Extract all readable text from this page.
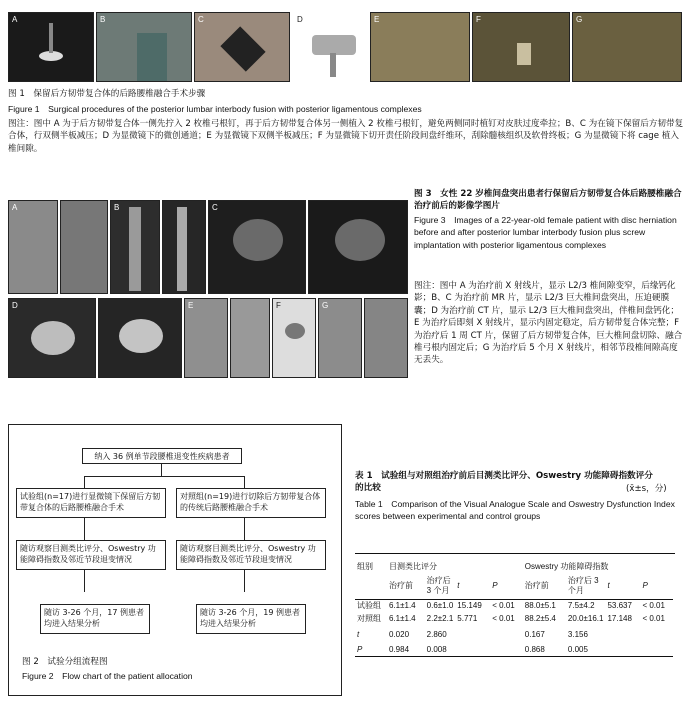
A	B	C	D	E	F	G
图 1　保留后方韧带复合体的后路腰椎融合手术步骤
Figure 1　Surgical procedures of the posterior lumbar interbody fusion with posterior ligamentous complexes
图注：图中 A 为于后方韧带复合体一侧先拧入 2 枚椎弓根钉，再于后方韧带复合体另一侧植入 2 枚椎弓根钉，避免两侧同时植钉对皮肤过度牵拉；B、C 为在镜下保留后方韧带复合体，行双侧半板减压；D 为显微镜下的微创通道；E 为显微镜下双侧半板减压；F 为显微镜下切开责任阶段间盘纤维环，刮除髓核组织及软骨终板；G 为显微镜下将 cage 植入椎间隙。
A	B	C
D	E	F	G
图 3　女性 22 岁椎间盘突出患者行保留后方韧带复合体后路腰椎融合治疗前后的影像学图片
Figure 3　Images of a 22-year-old female patient with disc herniation before and after posterior lumbar interbody fusion plus screw implantation with posterior ligamentous complexes
图注：图中 A 为治疗前 X 射线片，显示 L2/3 椎间隙变窄，后缘钙化影；B、C 为治疗前 MR 片，显示 L2/3 巨大椎间盘突出，压迫硬膜囊；D 为治疗前 CT 片，显示 L2/3 巨大椎间盘突出，伴椎间盘钙化；E 为治疗后即刻 X 射线片，显示内固定稳定，后方韧带复合体完整；F 为治疗后 1 周 CT 片，保留了后方韧带复合体，巨大椎间盘切除、融合椎弓根内固定后；G 为治疗后 5 个月 X 射线片，相邻节段椎间隙高度无丢失。
纳入 36 例单节段腰椎退变性疾病患者
试验组(n=17)进行显微镜下保留后方韧带复合体的后路腰椎融合手术
对照组(n=19)进行切除后方韧带复合体的传统后路腰椎融合手术
随访观察目测类比评分、Oswestry 功能障碍指数及邻近节段退变情况
随访观察目测类比评分、Oswestry 功能障碍指数及邻近节段退变情况
随访 3-26 个月，17 例患者均进入结果分析
随访 3-26 个月，19 例患者均进入结果分析
图 2　试验分组流程图
Figure 2　Flow chart of the patient allocation
表 1　试验组与对照组治疗前后目测类比评分、Oswestry 功能障碍指数评分的比较	(x̄±s，分)
Table 1　Comparison of the Visual Analogue Scale and Oswestry Dysfunction Index scores between experimental and control groups
组别	目测类比评分				Oswestry 功能障碍指数			
	治疗前	治疗后 3 个月	t	P	治疗前	治疗后 3 个月	t	P
试验组	6.1±1.4	0.6±1.0	15.149	< 0.01	88.0±5.1	7.5±4.2	53.637	< 0.01
对照组	6.1±1.4	2.2±2.1	5.771	< 0.01	88.2±5.4	20.0±16.1	17.148	< 0.01
t	0.020	2.860			0.167	3.156		
P	0.984	0.008			0.868	0.005		
